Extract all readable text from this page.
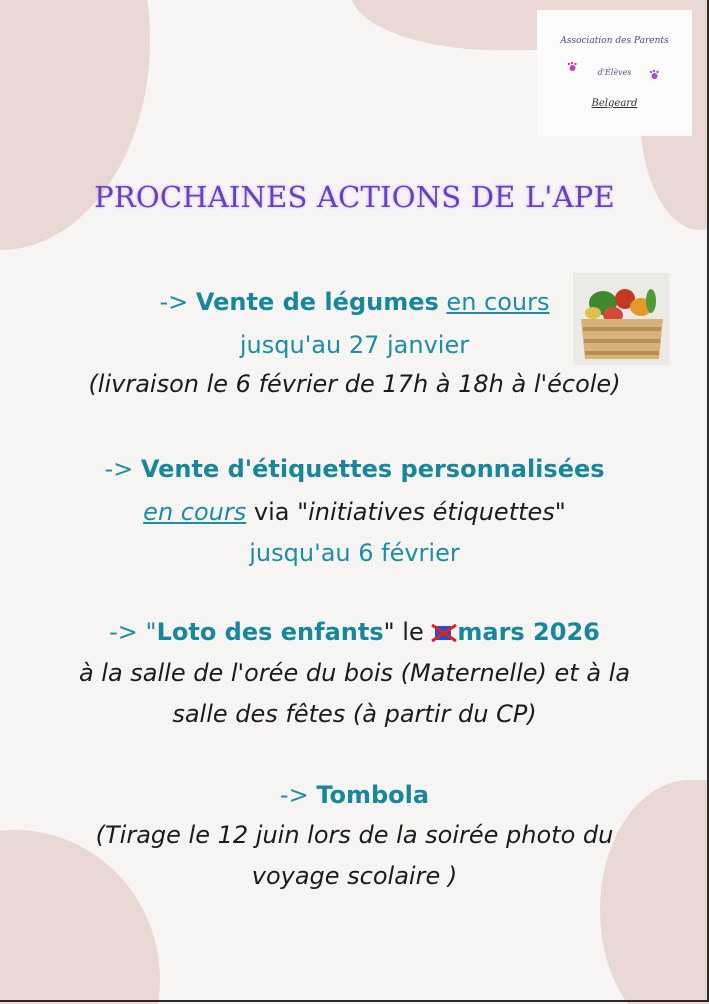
Association des Parents
d'Élèves
Belgeard
PROCHAINES ACTIONS DE L'APE
-> Vente de légumes en cours
jusqu'au 27 janvier
(livraison le 6 février de 17h à 18h à l'école)
-> Vente d'étiquettes personnalisées
en cours via "initiatives étiquettes"
jusqu'au 6 février
-> "Loto des enfants" le mars 2026
à la salle de l'orée du bois (Maternelle) et à la
salle des fêtes (à partir du CP)
-> Tombola
(Tirage le 12 juin lors de la soirée photo du
voyage scolaire )
